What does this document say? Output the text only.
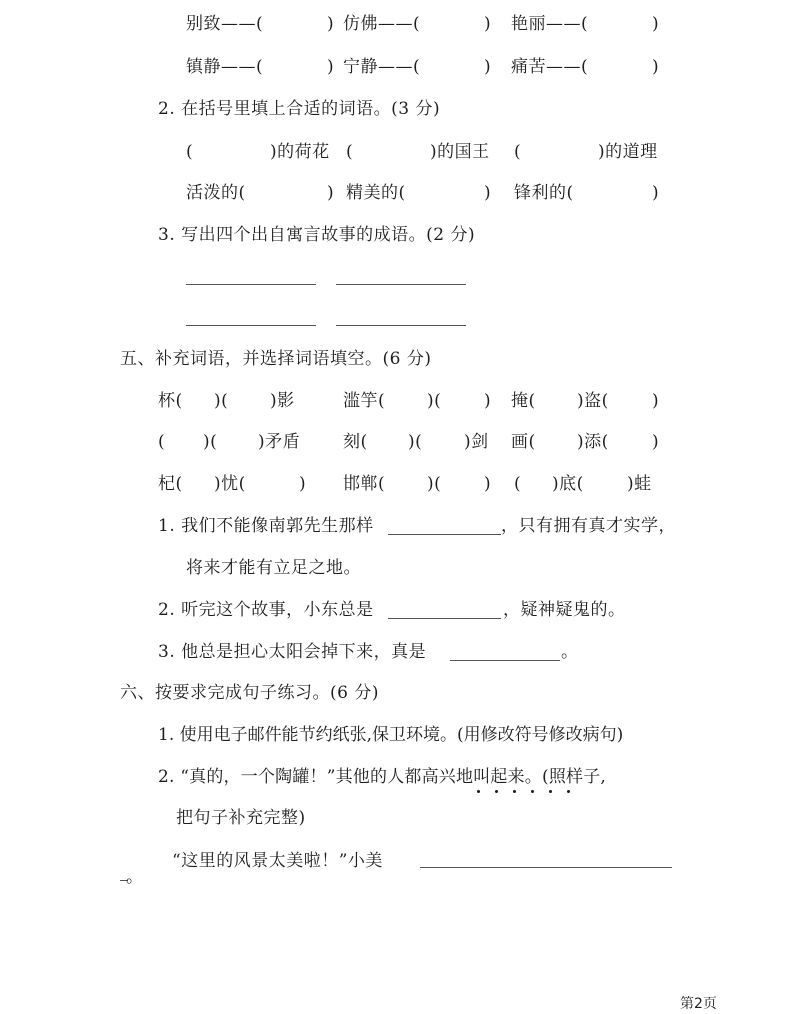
别致——(	) 仿佛——(	) 艳丽——(	)
镇静——(	) 宁静——(	) 痛苦——(	)
2. 在括号里填上合适的词语。(3 分)
(	)的荷花 (	)的国王 (	)的道理
活泼的(	) 精美的(	) 锋利的(	)
3. 写出四个出自寓言故事的成语。(2 分)
五、补充词语，并选择词语填空。(6 分)
杯( )( )影	滥竽( )(	) 掩( )盗(	)
( )( )矛盾	刻( )( )剑 画( )添(	)
杞( )忧(	) 邯郸( )(	) ( )底(	)蛙
1. 我们不能像南郭先生那样	，只有拥有真才实学，
将来才能有立足之地。
2. 听完这个故事，小东总是	，疑神疑鬼的。
3. 他总是担心太阳会掉下来，真是	。
六、按要求完成句子练习。(6 分)
1. 使用电子邮件能节约纸张,保卫环境。(用修改符号修改病句)
2. “真的，一个陶罐！”其他的人都高兴地叫起来。(照样子,
把句子补充完整)
“这里的风景太美啦！”小美
。
第2页
